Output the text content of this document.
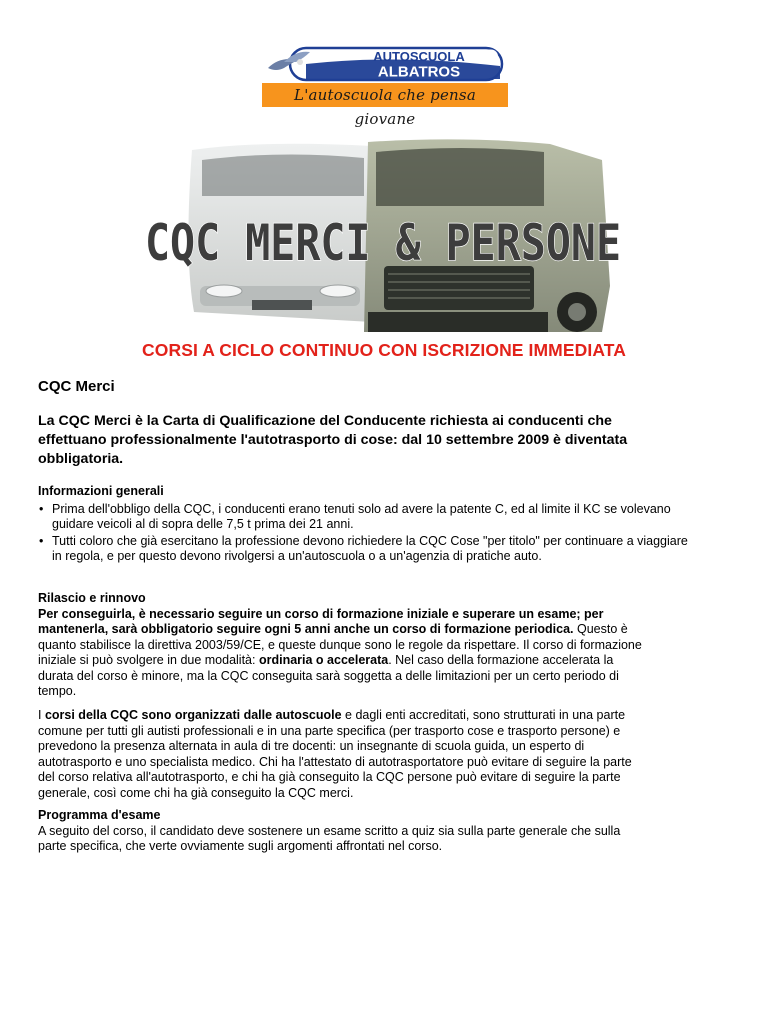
AUTOSCUOLA
ALBATROS
L'autoscuola che pensa giovane
CQC MERCI & PERSONE
CORSI A CICLO CONTINUO CON ISCRIZIONE IMMEDIATA
CQC Merci
La CQC Merci è la Carta di Qualificazione del Conducente richiesta ai conducenti che effettuano professionalmente l'autotrasporto di cose: dal 10 settembre 2009 è diventata obbligatoria.
Informazioni generali
• Prima dell'obbligo della CQC, i conducenti erano tenuti solo ad avere la patente C, ed al limite il KC se volevano guidare veicoli al di sopra delle 7,5 t prima dei 21 anni.
• Tutti coloro che già esercitano la professione devono richiedere la CQC Cose "per titolo" per continuare a viaggiare in regola, e per questo devono rivolgersi a un'autoscuola o a un'agenzia di pratiche auto.
Rilascio e rinnovo

Per conseguirla, è necessario seguire un corso di formazione iniziale e superare un esame; per mantenerla, sarà obbligatorio seguire ogni 5 anni anche un corso di formazione periodica. Questo è quanto stabilisce la direttiva 2003/59/CE, e queste dunque sono le regole da rispettare. Il corso di formazione iniziale si può svolgere in due modalità: ordinaria o accelerata. Nel caso della formazione accelerata la durata del corso è minore, ma la CQC conseguita sarà soggetta a delle limitazioni per un certo periodo di tempo.

I corsi della CQC sono organizzati dalle autoscuole e dagli enti accreditati, sono strutturati in una parte comune per tutti gli autisti professionali e in una parte specifica (per trasporto cose e trasporto persone) e prevedono la presenza alternata in aula di tre docenti: un insegnante di scuola guida, un esperto di autotrasporto e uno specialista medico. Chi ha l'attestato di autotrasportatore può evitare di seguire la parte del corso relativa all'autotrasporto, e chi ha già conseguito la CQC persone può evitare di seguire la parte generale, così come chi ha già conseguito la CQC merci.

Programma d'esame

A seguito del corso, il candidato deve sostenere un esame scritto a quiz sia sulla parte generale che sulla parte specifica, che verte ovviamente sugli argomenti affrontati nel corso.
